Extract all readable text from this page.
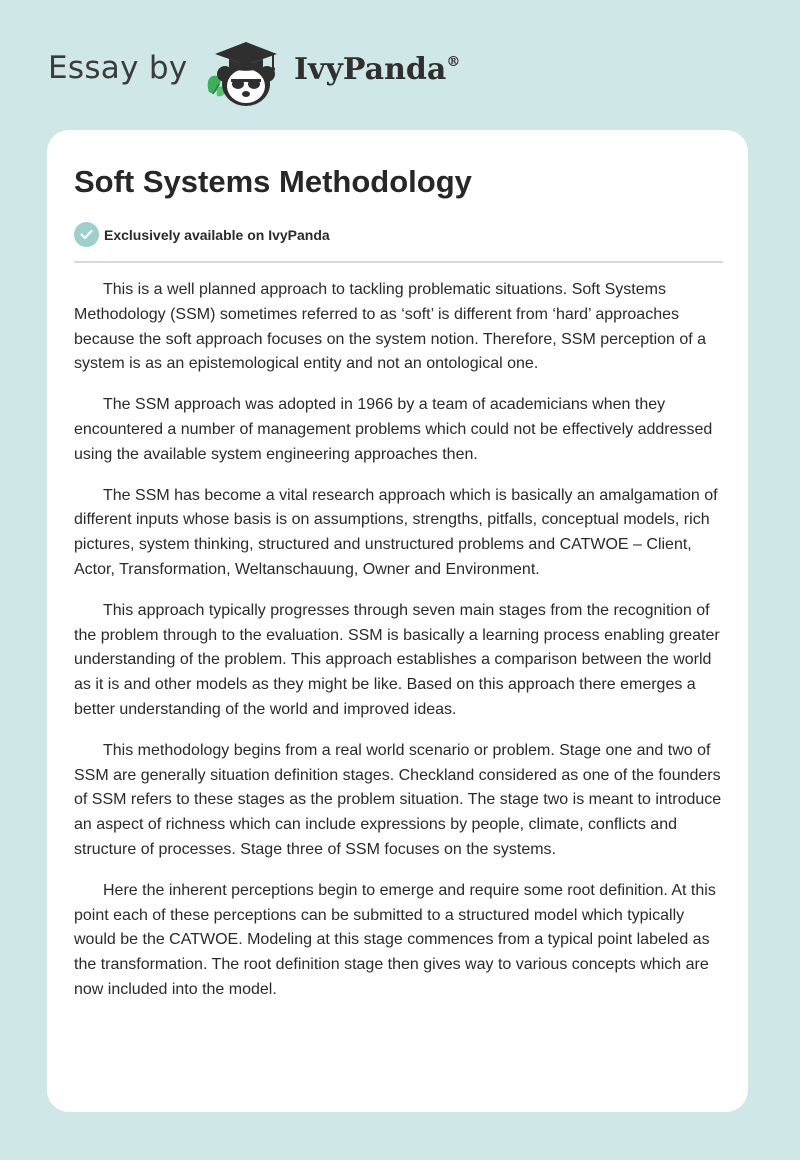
Essay by	IvyPanda®
Soft Systems Methodology
Exclusively available on IvyPanda

This is a well planned approach to tackling problematic situations. Soft Systems Methodology (SSM) sometimes referred to as ‘soft’ is different from ‘hard’ approaches because the soft approach focuses on the system notion. Therefore, SSM perception of a system is as an epistemological entity and not an ontological one.

The SSM approach was adopted in 1966 by a team of academicians when they encountered a number of management problems which could not be effectively addressed using the available system engineering approaches then.

The SSM has become a vital research approach which is basically an amalgamation of different inputs whose basis is on assumptions, strengths, pitfalls, conceptual models, rich pictures, system thinking, structured and unstructured problems and CATWOE – Client, Actor, Transformation, Weltanschauung, Owner and Environment.

This approach typically progresses through seven main stages from the recognition of the problem through to the evaluation. SSM is basically a learning process enabling greater understanding of the problem. This approach establishes a comparison between the world as it is and other models as they might be like. Based on this approach there emerges a better understanding of the world and improved ideas.

This methodology begins from a real world scenario or problem. Stage one and two of SSM are generally situation definition stages. Checkland considered as one of the founders of SSM refers to these stages as the problem situation. The stage two is meant to introduce an aspect of richness which can include expressions by people, climate, conflicts and structure of processes. Stage three of SSM focuses on the systems.

Here the inherent perceptions begin to emerge and require some root definition. At this point each of these perceptions can be submitted to a structured model which typically would be the CATWOE. Modeling at this stage commences from a typical point labeled as the transformation. The root definition stage then gives way to various concepts which are now included into the model.
